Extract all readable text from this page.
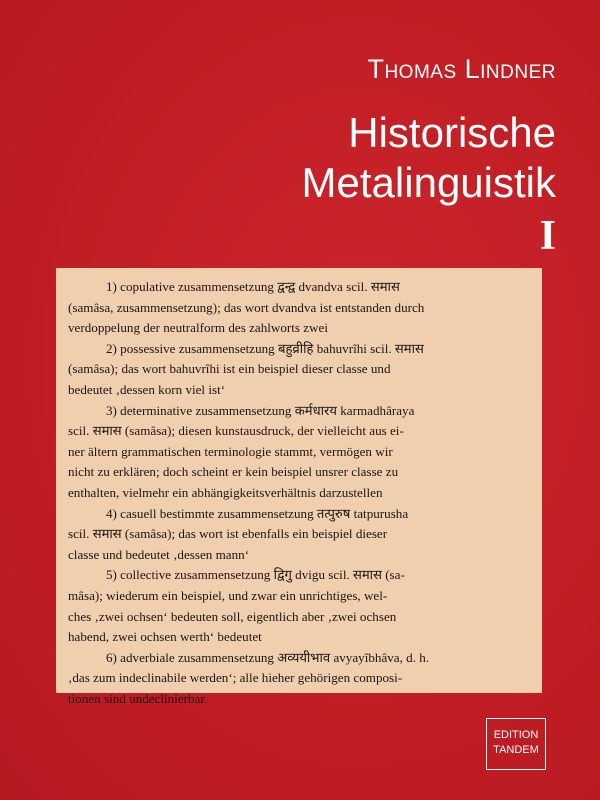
Thomas Lindner
Historische
Metalinguistik
I
1) copulative zusammensetzung द्वन्द्व dvandva scil. समास
(samâsa, zusammensetzung); das wort dvandva ist entstanden durch
verdoppelung der neutralform des zahlworts zwei
2) possessive zusammensetzung बहुव्रीहि bahuvrîhi scil. समास
(samâsa); das wort bahuvrîhi ist ein beispiel dieser classe und
bedeutet ‚dessen korn viel ist‘
3) determinative zusammensetzung कर्मधारय karmadhâraya
scil. समास (samâsa); diesen kunstausdruck, der vielleicht aus ei-
ner ältern grammatischen terminologie stammt, vermögen wir
nicht zu erklären; doch scheint er kein beispiel unsrer classe zu
enthalten, vielmehr ein abhängigkeitsverhältnis darzustellen
4) casuell bestimmte zusammensetzung तत्पुरुष tatpurusha
scil. समास (samâsa); das wort ist ebenfalls ein beispiel dieser
classe und bedeutet ‚dessen mann‘
5) collective zusammensetzung द्विगु dvigu scil. समास (sa-
mâsa); wiederum ein beispiel, und zwar ein unrichtiges, wel-
ches ‚zwei ochsen‘ bedeuten soll, eigentlich aber ‚zwei ochsen
habend, zwei ochsen werth‘ bedeutet
6) adverbiale zusammensetzung अव्ययीभाव avyayîbhâva, d. h.
‚das zum indeclinabile werden‘; alle hieher gehörigen composi-
tionen sind undeclinierbar.
EDITION
TANDEM
